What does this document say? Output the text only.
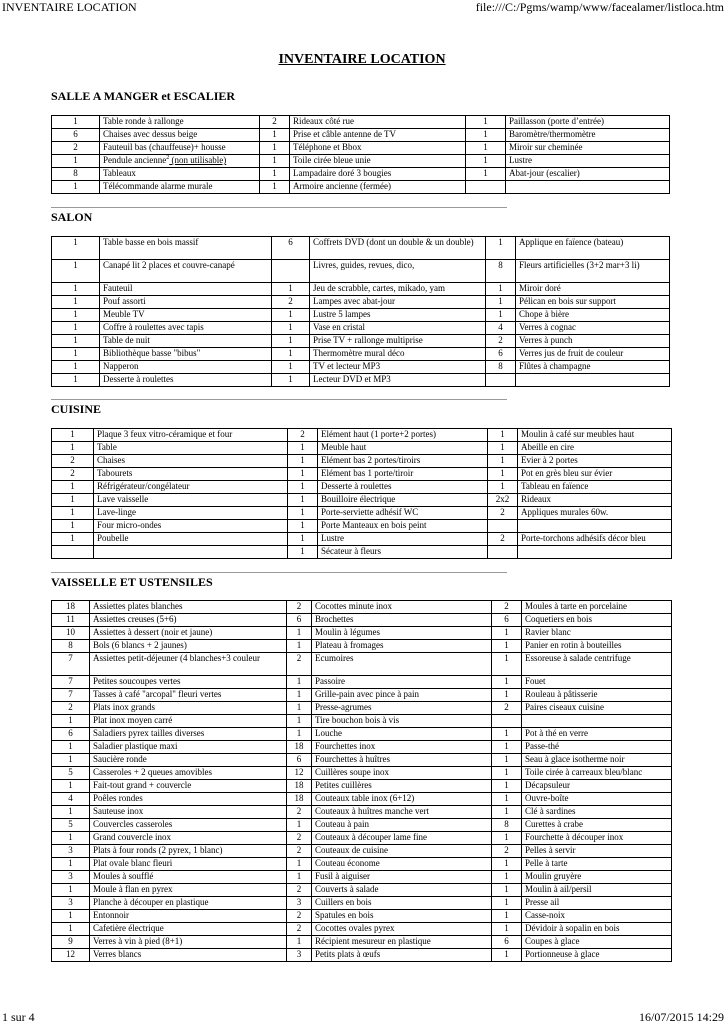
INVENTAIRE LOCATION	file:///C:/Pgms/wamp/www/facealamer/listloca.htm
INVENTAIRE LOCATION
SALLE A MANGER et ESCALIER
1	Table ronde à rallonge	2	Rideaux côté rue	1	Paillasson (porte d’entrée)
6	Chaises avec dessus beige	1	Prise et câble antenne de TV	1	Baromètre/thermomètre
2	Fauteuil bas (chauffeuse)+ housse	1	Téléphone et Bbox	1	Miroir sur cheminée
1	Pendule ancienne$^2$ (non utilisable)	1	Toile cirée bleue unie	1	Lustre
8	Tableaux	1	Lampadaire doré 3 bougies	1	Abat-jour (escalier)
1	Télécommande alarme murale	1	Armoire ancienne (fermée)		
SALON
1	Table basse en bois massif	6	Coffrets DVD (dont un double & un double)	1	Applique en faïence (bateau)
1	Canapé lit 2 places et couvre-canapé		Livres, guides, revues, dico,	8	Fleurs artificielles (3+2 mar+3 li)
1	Fauteuil	1	Jeu de scrabble, cartes, mikado, yam	1	Miroir doré
1	Pouf assorti	2	Lampes avec abat-jour	1	Pélican en bois sur support
1	Meuble TV	1	Lustre 5 lampes	1	Chope à bière
1	Coffre à roulettes avec tapis	1	Vase en cristal	4	Verres à cognac
1	Table de nuit	1	Prise TV + rallonge multiprise	2	Verres à punch
1	Bibliothèque basse "bibus"	1	Thermomètre mural déco	6	Verres jus de fruit de couleur
1	Napperon	1	TV et lecteur MP3	8	Flûtes à champagne
1	Desserte à roulettes	1	Lecteur DVD et MP3		
CUISINE
1	Plaque 3 feux vitro-céramique et four	2	Elément haut (1 porte+2 portes)	1	Moulin à café sur meubles haut
1	Table	1	Meuble haut	1	Abeille en cire
2	Chaises	1	Elément bas 2 portes/tiroirs	1	Evier à 2 portes
2	Tabourets	1	Elément bas 1 porte/tiroir	1	Pot en grès bleu sur évier
1	Réfrigérateur/congélateur	1	Desserte à roulettes	1	Tableau en faïence
1	Lave vaisselle	1	Bouilloire électrique	2x2	Rideaux
1	Lave-linge	1	Porte-serviette adhésif WC	2	Appliques murales 60w.
1	Four micro-ondes	1	Porte Manteaux en bois peint		
1	Poubelle	1	Lustre	2	Porte-torchons adhésifs décor bleu
		1	Sécateur à fleurs		
VAISSELLE ET USTENSILES
18	Assiettes plates blanches	2	Cocottes minute inox	2	Moules à tarte en porcelaine
11	Assiettes creuses (5+6)	6	Brochettes	6	Coquetiers en bois
10	Assiettes à dessert (noir et jaune)	1	Moulin à légumes	1	Ravier blanc
8	Bols (6 blancs + 2 jaunes)	1	Plateau à fromages	1	Panier en rotin à bouteilles
7	Assiettes petit-déjeuner (4 blanches+3 couleur	2	Ecumoires	1	Essoreuse à salade centrifuge
7	Petites soucoupes vertes	1	Passoire	1	Fouet
7	Tasses à café "arcopal" fleuri vertes	1	Grille-pain avec pince à pain	1	Rouleau à pâtisserie
2	Plats inox grands	1	Presse-agrumes	2	Paires ciseaux cuisine
1	Plat inox moyen carré	1	Tire bouchon bois à vis		
6	Saladiers pyrex tailles diverses	1	Louche	1	Pot à thé en verre
1	Saladier plastique maxi	18	Fourchettes inox	1	Passe-thé
1	Saucière ronde	6	Fourchettes à huîtres	1	Seau à glace isotherme noir
5	Casseroles + 2 queues amovibles	12	Cuillères soupe inox	1	Toile cirée à carreaux bleu/blanc
1	Fait-tout grand + couvercle	18	Petites cuillères	1	Décapsuleur
4	Poêles rondes	18	Couteaux table inox (6+12)	1	Ouvre-boîte
1	Sauteuse inox	2	Couteaux à huîtres manche vert	1	Clé à sardines
5	Couvercles casseroles	1	Couteau à pain	8	Curettes à crabe
1	Grand couvercle inox	2	Couteaux à découper lame fine	1	Fourchette à découper inox
3	Plats à four ronds (2 pyrex, 1 blanc)	2	Couteaux de cuisine	2	Pelles à servir
1	Plat ovale blanc fleuri	1	Couteau économe	1	Pelle à tarte
3	Moules à soufflé	1	Fusil à aiguiser	1	Moulin gruyère
1	Moule à flan en pyrex	2	Couverts à salade	1	Moulin à ail/persil
3	Planche à découper en plastique	3	Cuillers en bois	1	Presse ail
1	Entonnoir	2	Spatules en bois	1	Casse-noix
1	Cafetière électrique	2	Cocottes ovales pyrex	1	Dévidoir à sopalin en bois
9	Verres à vin à pied (8+1)	1	Récipient mesureur en plastique	6	Coupes à glace
12	Verres blancs	3	Petits plats à œufs	1	Portionneuse à glace
1 sur 4	16/07/2015 14:29
